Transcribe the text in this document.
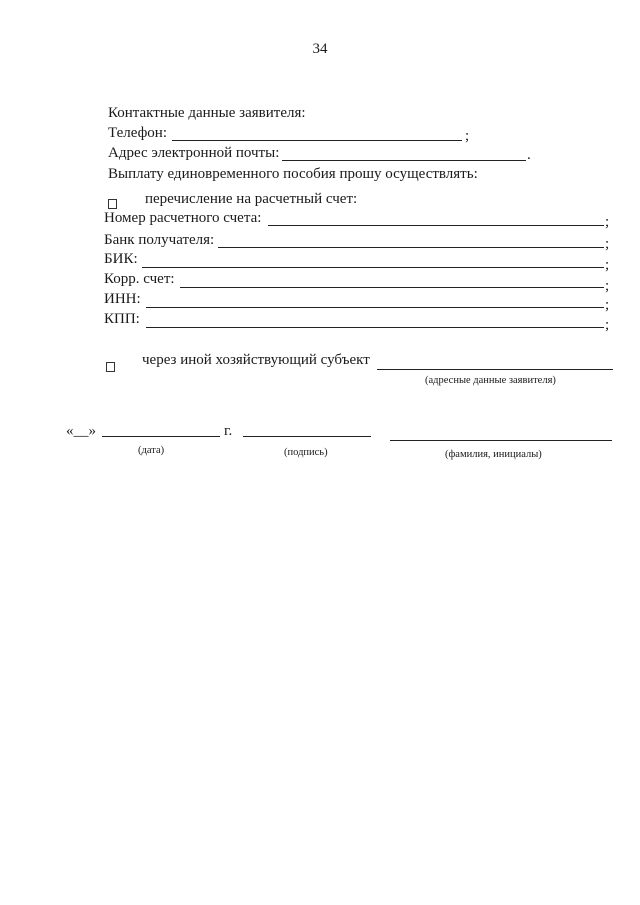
34
Контактные данные заявителя:
Телефон:	;
Адрес электронной почты:	.
Выплату единовременного пособия прошу осуществлять:
перечисление на расчетный счет:
Номер расчетного счета:	;
Банк получателя:	;
БИК:	;
Корр. счет:	;
ИНН:	;
КПП:	;
через иной хозяйствующий субъект
(адресные данные заявителя)
«__»	г.
(дата)	(подпись)	(фамилия, инициалы)
